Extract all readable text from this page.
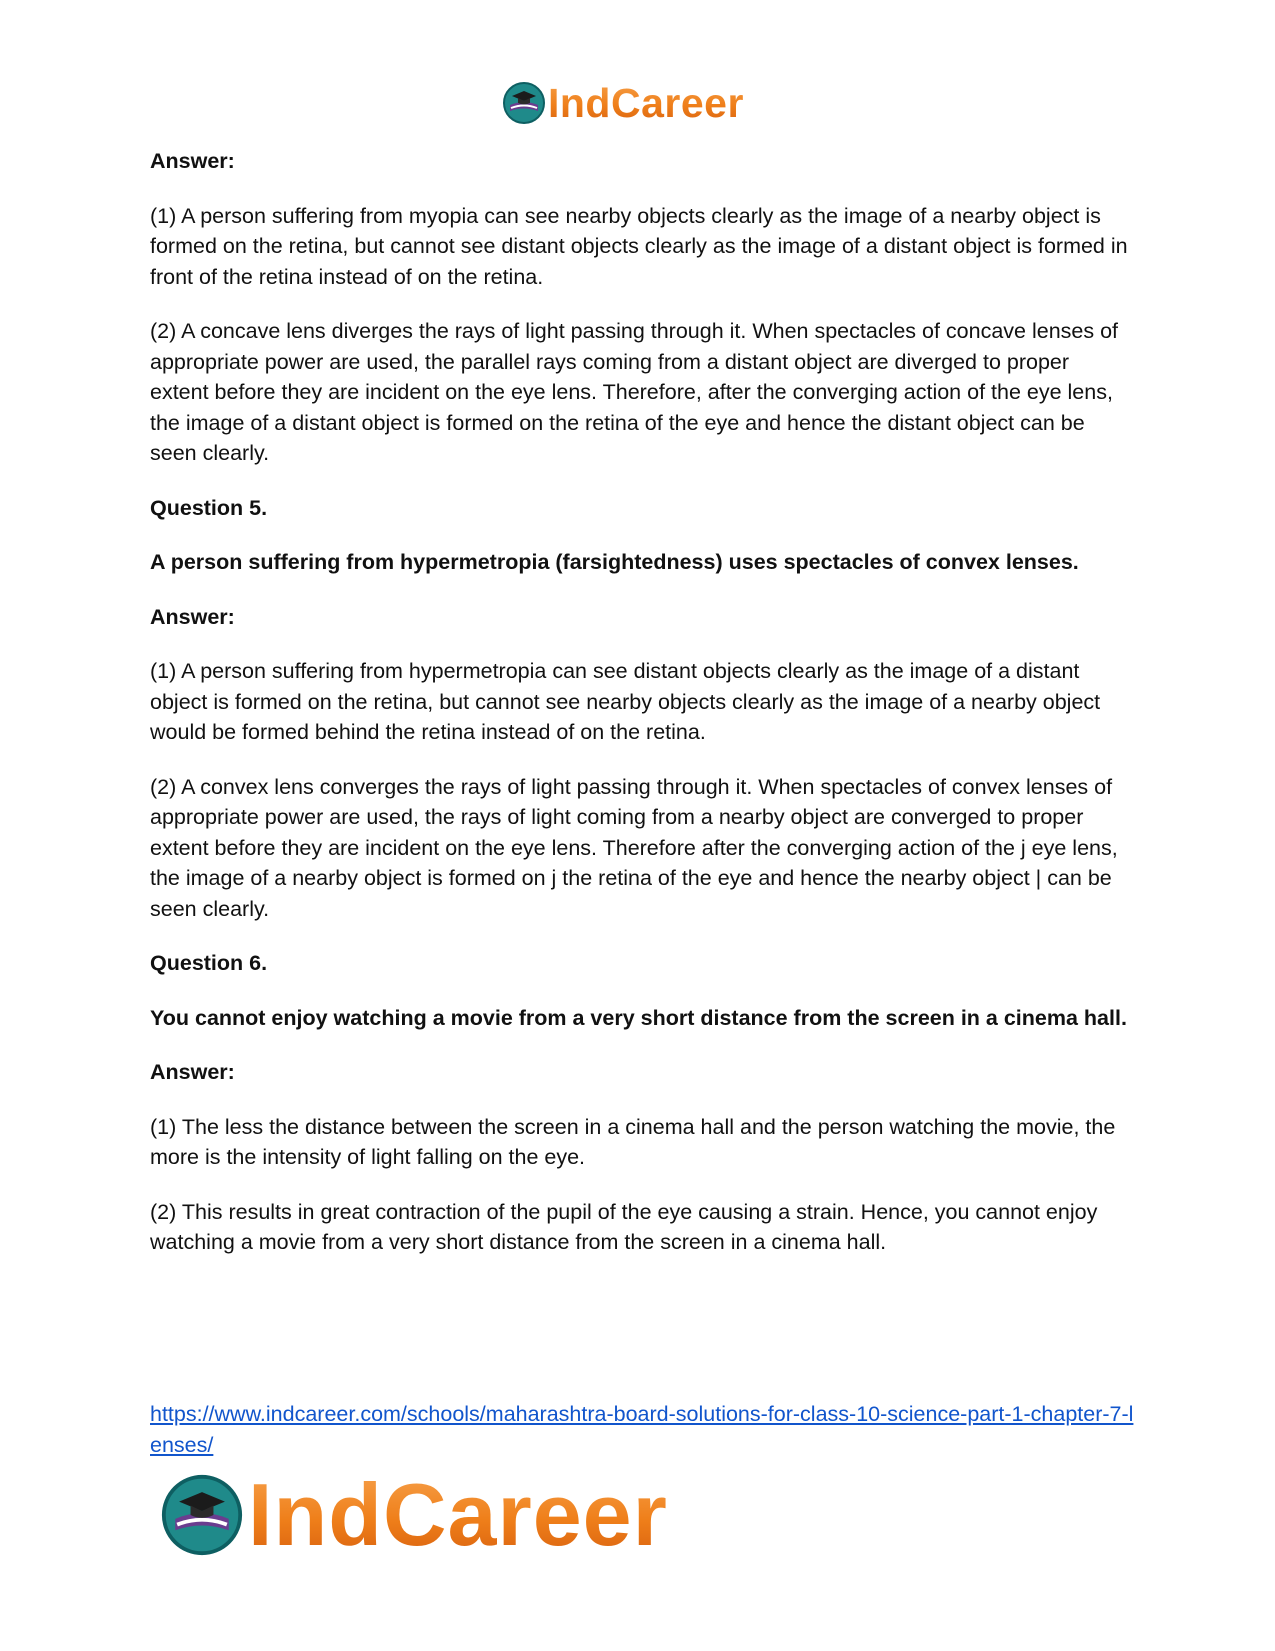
IndCareer

Answer:

(1) A person suffering from myopia can see nearby objects clearly as the image of a nearby object is formed on the retina, but cannot see distant objects clearly as the image of a distant object is formed in front of the retina instead of on the retina.

(2) A concave lens diverges the rays of light passing through it. When spectacles of concave lenses of appropriate power are used, the parallel rays coming from a distant object are diverged to proper extent before they are incident on the eye lens. Therefore, after the converging action of the eye lens, the image of a distant object is formed on the retina of the eye and hence the distant object can be seen clearly.

Question 5.

A person suffering from hypermetropia (farsightedness) uses spectacles of convex lenses.

Answer:

(1) A person suffering from hypermetropia can see distant objects clearly as the image of a distant object is formed on the retina, but cannot see nearby objects clearly as the image of a nearby object would be formed behind the retina instead of on the retina.

(2) A convex lens converges the rays of light passing through it. When spectacles of convex lenses of appropriate power are used, the rays of light coming from a nearby object are converged to proper extent before they are incident on the eye lens. Therefore after the converging action of the j eye lens, the image of a nearby object is formed on j the retina of the eye and hence the nearby object | can be seen clearly.

Question 6.

You cannot enjoy watching a movie from a very short distance from the screen in a cinema hall.

Answer:

(1) The less the distance between the screen in a cinema hall and the person watching the movie, the more is the intensity of light falling on the eye.

(2) This results in great contraction of the pupil of the eye causing a strain. Hence, you cannot enjoy watching a movie from a very short distance from the screen in a cinema hall.

https://www.indcareer.com/schools/maharashtra-board-solutions-for-class-10-science-part-1-chapter-7-lenses/
IndCareer
